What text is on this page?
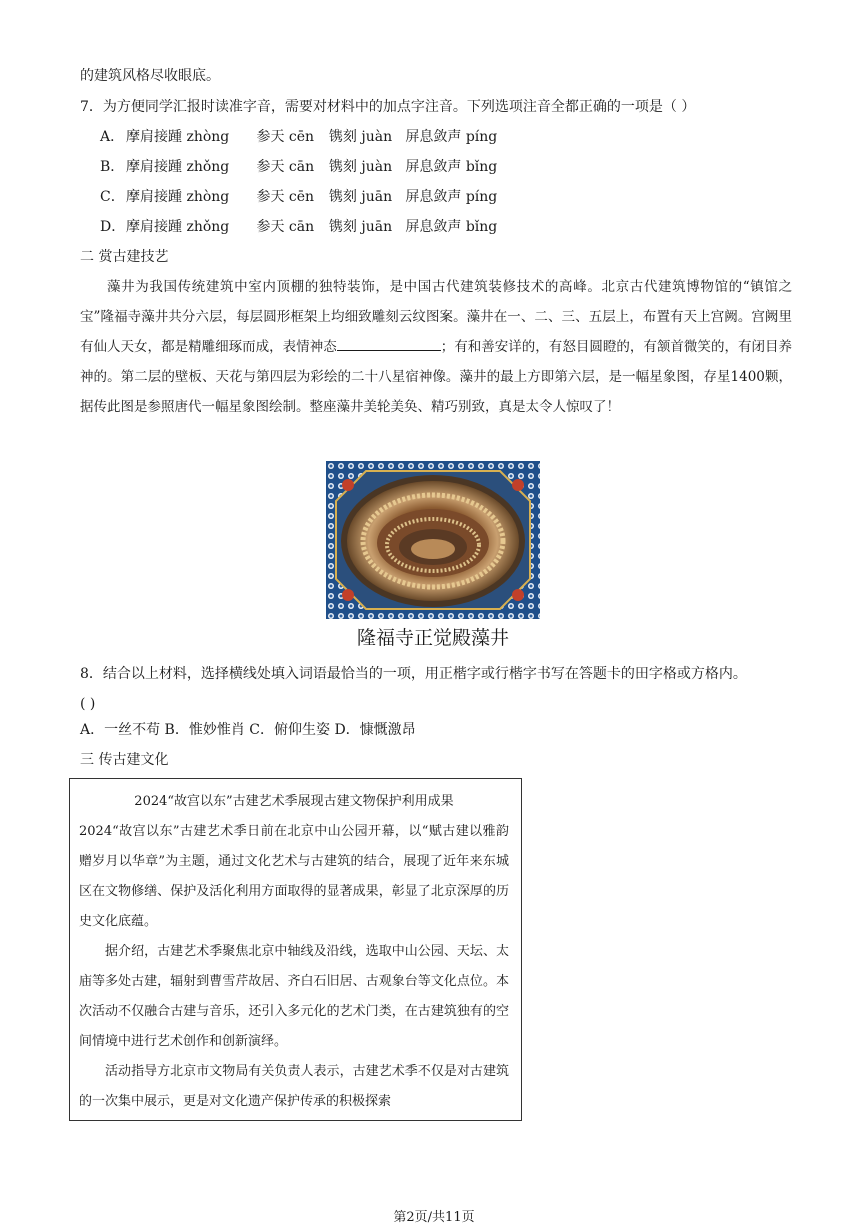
的建筑风格尽收眼底。
7．为方便同学汇报时读准字音，需要对材料中的加点字注音。下列选项注音全都正确的一项是（ ）
A． 摩肩接踵 zhòng 参天 cēn 镌刻 juàn 屏息敛声 píng
B． 摩肩接踵 zhǒng 参天 cān 镌刻 juàn 屏息敛声 bǐng
C．摩肩接踵 zhòng 参天 cēn 镌刻 juān 屏息敛声 píng
D．摩肩接踵 zhǒng 参天 cān 镌刻 juān 屏息敛声 bǐng
二 赏古建技艺

藻井为我国传统建筑中室内顶棚的独特装饰，是中国古代建筑装修技术的高峰。北京古代建筑博物馆的“镇馆之宝”隆福寺藻井共分六层，每层圆形框架上均细致雕刻云纹图案。藻井在一、二、三、五层上，布置有天上宫阙。宫阙里有仙人天女，都是精雕细琢而成，表情神态	；有和善安详的，有怒目圆瞪的，有颔首微笑的，有闭目养神的。第二层的壁板、天花与第四层为彩绘的二十八星宿神像。藻井的最上方即第六层，是一幅星象图，存星1400颗，据传此图是参照唐代一幅星象图绘制。整座藻井美轮美奂、精巧别致，真是太令人惊叹了！

隆福寺正觉殿藻井
8．结合以上材料，选择横线处填入词语最恰当的一项，用正楷字或行楷字书写在答题卡的田字格或方格内。
( )
A．一丝不苟 B．惟妙惟肖 C．俯仰生姿 D．慷慨激昂
三 传古建文化
2024“故宫以东”古建艺术季展现古建文物保护利用成果

2024“故宫以东”古建艺术季日前在北京中山公园开幕，以“赋古建以雅韵赠岁月以华章”为主题，通过文化艺术与古建筑的结合，展现了近年来东城区在文物修缮、保护及活化利用方面取得的显著成果，彰显了北京深厚的历史文化底蕴。

据介绍，古建艺术季聚焦北京中轴线及沿线，选取中山公园、天坛、太庙等多处古建，辐射到曹雪芹故居、齐白石旧居、古观象台等文化点位。本次活动不仅融合古建与音乐，还引入多元化的艺术门类，在古建筑独有的空间情境中进行艺术创作和创新演绎。

活动指导方北京市文物局有关负责人表示，古建艺术季不仅是对古建筑的一次集中展示，更是对文化遗产保护传承的积极探索

第2页/共11页
